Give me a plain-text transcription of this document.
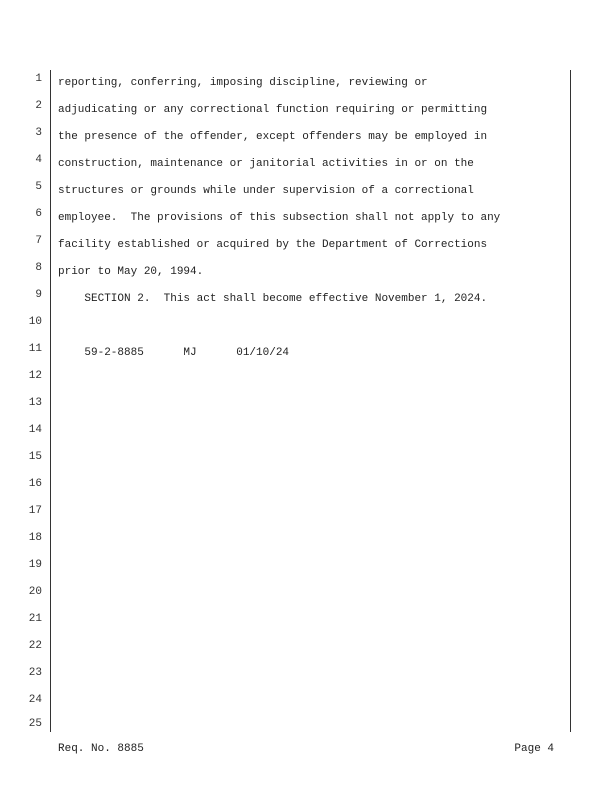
1
2
3
4
5
6
7
8
9
10
11
12
13
14
15
16
17
18
19
20
21
22
23
24
25
reporting, conferring, imposing discipline, reviewing or
adjudicating or any correctional function requiring or permitting
the presence of the offender, except offenders may be employed in
construction, maintenance or janitorial activities in or on the
structures or grounds while under supervision of a correctional
employee.  The provisions of this subsection shall not apply to any
facility established or acquired by the Department of Corrections
prior to May 20, 1994.
SECTION 2.  This act shall become effective November 1, 2024.
59-2-8885      MJ      01/10/24
Req. No. 8885	Page 4
